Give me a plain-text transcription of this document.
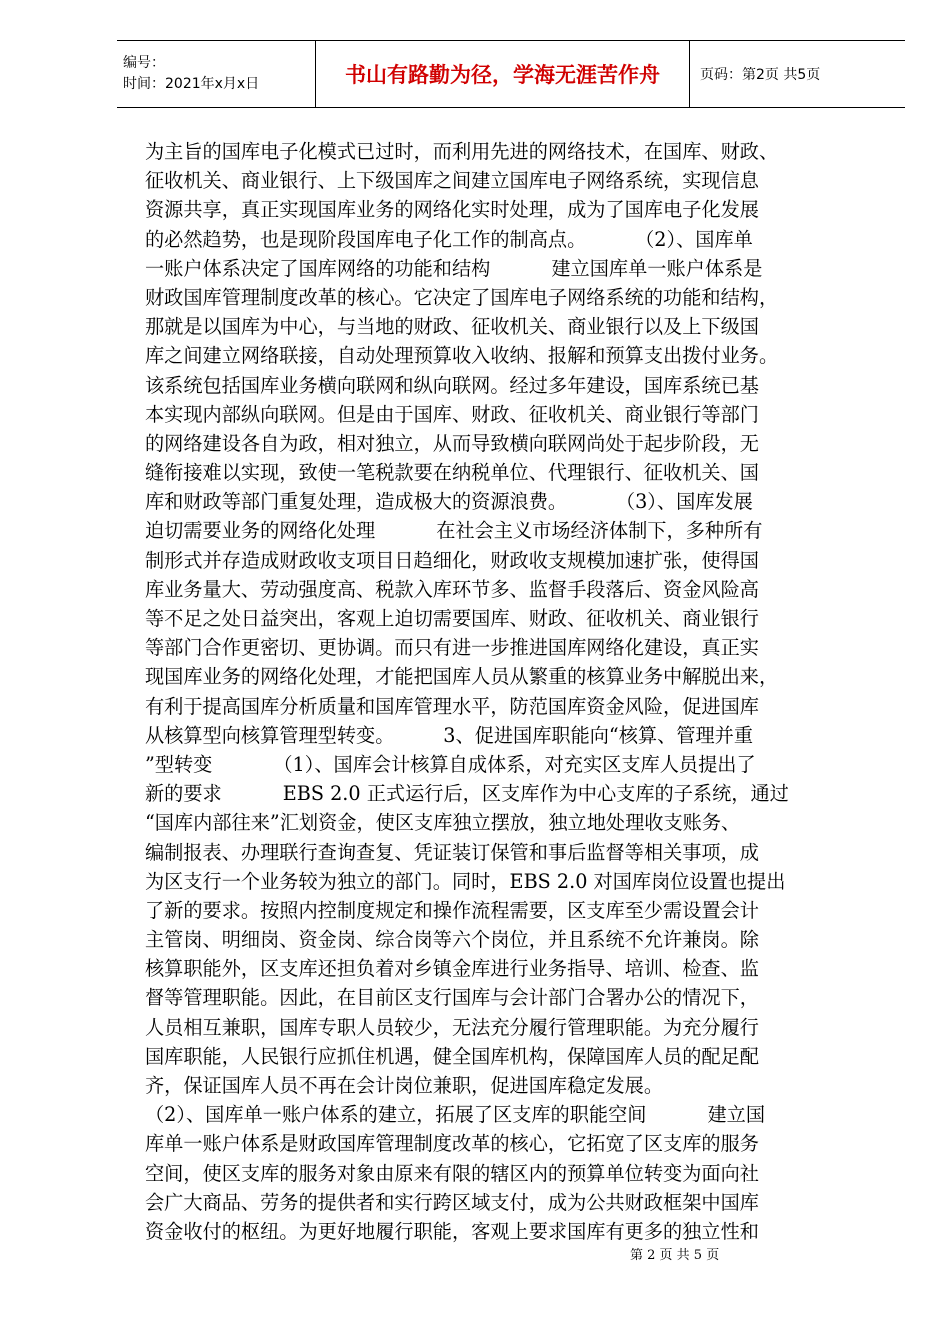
编号：
时间：2021年x月x日	书山有路勤为径，学海无涯苦作舟	页码：第2页 共5页
为主旨的国库电子化模式已过时，而利用先进的网络技术，在国库、财政、
征收机关、商业银行、上下级国库之间建立国库电子网络系统，实现信息
资源共享，真正实现国库业务的网络化实时处理，成为了国库电子化发展
的必然趋势，也是现阶段国库电子化工作的制高点。        （2）、国库单
一账户体系决定了国库网络的功能和结构          建立国库单一账户体系是
财政国库管理制度改革的核心。它决定了国库电子网络系统的功能和结构，
那就是以国库为中心，与当地的财政、征收机关、商业银行以及上下级国
库之间建立网络联接，自动处理预算收入收纳、报解和预算支出拨付业务。
该系统包括国库业务横向联网和纵向联网。经过多年建设，国库系统已基
本实现内部纵向联网。但是由于国库、财政、征收机关、商业银行等部门
的网络建设各自为政，相对独立，从而导致横向联网尚处于起步阶段，无
缝衔接难以实现，致使一笔税款要在纳税单位、代理银行、征收机关、国
库和财政等部门重复处理，造成极大的资源浪费。        （3）、国库发展
迫切需要业务的网络化处理          在社会主义市场经济体制下，多种所有
制形式并存造成财政收支项目日趋细化，财政收支规模加速扩张，使得国
库业务量大、劳动强度高、税款入库环节多、监督手段落后、资金风险高
等不足之处日益突出，客观上迫切需要国库、财政、征收机关、商业银行
等部门合作更密切、更协调。而只有进一步推进国库网络化建设，真正实
现国库业务的网络化处理，才能把国库人员从繁重的核算业务中解脱出来，
有利于提高国库分析质量和国库管理水平，防范国库资金风险，促进国库
从核算型向核算管理型转变。        3、促进国库职能向“核算、管理并重
”型转变          （1）、国库会计核算自成体系，对充实区支库人员提出了
新的要求          EBS 2.0 正式运行后，区支库作为中心支库的子系统，通过
“国库内部往来”汇划资金，使区支库独立摆放，独立地处理收支账务、
编制报表、办理联行查询查复、凭证装订保管和事后监督等相关事项，成
为区支行一个业务较为独立的部门。同时，EBS 2.0 对国库岗位设置也提出
了新的要求。按照内控制度规定和操作流程需要，区支库至少需设置会计
主管岗、明细岗、资金岗、综合岗等六个岗位，并且系统不允许兼岗。除
核算职能外，区支库还担负着对乡镇金库进行业务指导、培训、检查、监
督等管理职能。因此，在目前区支行国库与会计部门合署办公的情况下，
人员相互兼职，国库专职人员较少，无法充分履行管理职能。为充分履行
国库职能，人民银行应抓住机遇，健全国库机构，保障国库人员的配足配
齐，保证国库人员不再在会计岗位兼职，促进国库稳定发展。
（2）、国库单一账户体系的建立，拓展了区支库的职能空间          建立国
库单一账户体系是财政国库管理制度改革的核心，它拓宽了区支库的服务
空间，使区支库的服务对象由原来有限的辖区内的预算单位转变为面向社
会广大商品、劳务的提供者和实行跨区域支付，成为公共财政框架中国库
资金收付的枢纽。为更好地履行职能，客观上要求国库有更多的独立性和
第 2 页 共 5 页
